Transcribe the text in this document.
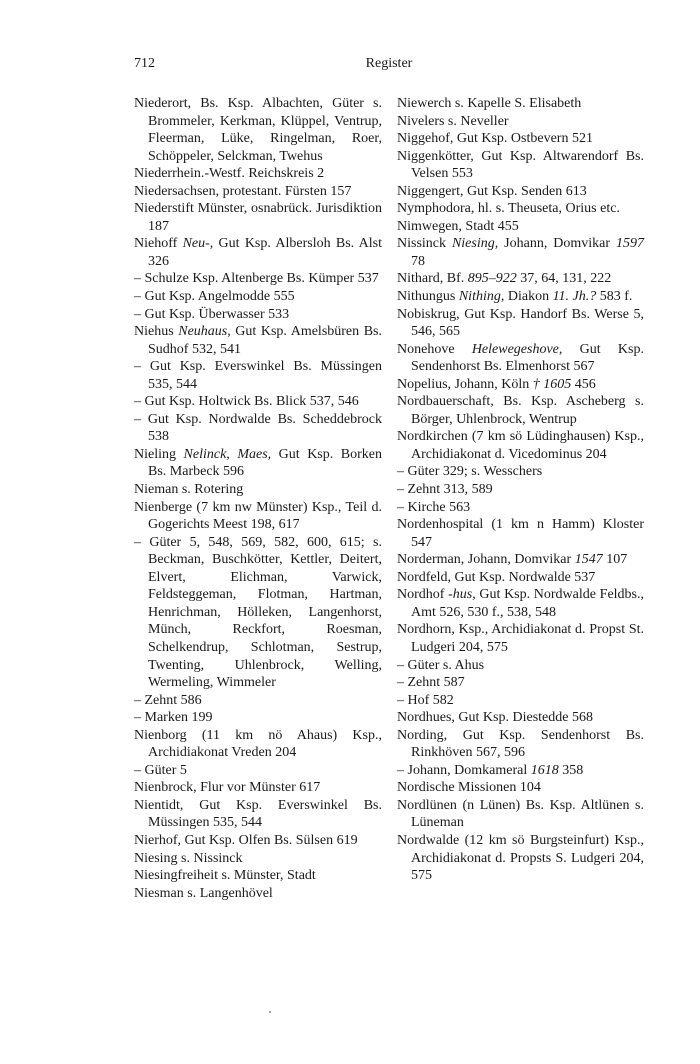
712	Register

Niederort, Bs. Ksp. Albachten, Güter s. Brommeler, Kerkman, Klüppel, Ventrup, Fleerman, Lüke, Ringelman, Roer, Schöppeler, Selckman, Twehus

Niederrhein.-Westf. Reichskreis 2

Niedersachsen, protestant. Fürsten 157

Niederstift Münster, osnabrück. Jurisdiktion 187

Niehoff Neu-, Gut Ksp. Albersloh Bs. Alst 326

– Schulze Ksp. Altenberge Bs. Kümper 537

– Gut Ksp. Angelmodde 555

– Gut Ksp. Überwasser 533

Niehus Neuhaus, Gut Ksp. Amelsbüren Bs. Sudhof 532, 541

– Gut Ksp. Everswinkel Bs. Müssingen 535, 544

– Gut Ksp. Holtwick Bs. Blick 537, 546

– Gut Ksp. Nordwalde Bs. Scheddebrock 538

Nieling Nelinck, Maes, Gut Ksp. Borken Bs. Marbeck 596

Nieman s. Rotering

Nienberge (7 km nw Münster) Ksp., Teil d. Gogerichts Meest 198, 617

– Güter 5, 548, 569, 582, 600, 615; s. Beckman, Buschkötter, Kettler, Deitert, Elvert, Elichman, Varwick, Feldsteggeman, Flotman, Hartman, Henrichman, Hölleken, Langenhorst, Münch, Reckfort, Roesman, Schelkendrup, Schlotman, Sestrup, Twenting, Uhlenbrock, Welling, Wermeling, Wimmeler

– Zehnt 586

– Marken 199

Nienborg (11 km nö Ahaus) Ksp., Archidiakonat Vreden 204

– Güter 5

Nienbrock, Flur vor Münster 617

Nientidt, Gut Ksp. Everswinkel Bs. Müssingen 535, 544

Nierhof, Gut Ksp. Olfen Bs. Sülsen 619

Niesing s. Nissinck

Niesingfreiheit s. Münster, Stadt

Niesman s. Langenhövel

Niewerch s. Kapelle S. Elisabeth

Nivelers s. Neveller

Niggehof, Gut Ksp. Ostbevern 521

Niggenkötter, Gut Ksp. Altwarendorf Bs. Velsen 553

Niggengert, Gut Ksp. Senden 613

Nymphodora, hl. s. Theuseta, Orius etc.

Nimwegen, Stadt 455

Nissinck Niesing, Johann, Domvikar 1597 78

Nithard, Bf. 895–922 37, 64, 131, 222

Nithungus Nithing, Diakon 11. Jh.? 583 f.

Nobiskrug, Gut Ksp. Handorf Bs. Werse 5, 546, 565

Nonehove Helewegeshove, Gut Ksp. Sendenhorst Bs. Elmenhorst 567

Nopelius, Johann, Köln † 1605 456

Nordbauerschaft, Bs. Ksp. Ascheberg s. Börger, Uhlenbrock, Wentrup

Nordkirchen (7 km sö Lüdinghausen) Ksp., Archidiakonat d. Vicedominus 204

– Güter 329; s. Wesschers

– Zehnt 313, 589

– Kirche 563

Nordenhospital (1 km n Hamm) Kloster 547

Norderman, Johann, Domvikar 1547 107

Nordfeld, Gut Ksp. Nordwalde 537

Nordhof -hus, Gut Ksp. Nordwalde Feldbs., Amt 526, 530 f., 538, 548

Nordhorn, Ksp., Archidiakonat d. Propst St. Ludgeri 204, 575

– Güter s. Ahus

– Zehnt 587

– Hof 582

Nordhues, Gut Ksp. Diestedde 568

Nording, Gut Ksp. Sendenhorst Bs. Rinkhöven 567, 596

– Johann, Domkameral 1618 358

Nordische Missionen 104

Nordlünen (n Lünen) Bs. Ksp. Altlünen s. Lüneman

Nordwalde (12 km sö Burgsteinfurt) Ksp., Archidiakonat d. Propsts S. Ludgeri 204, 575
